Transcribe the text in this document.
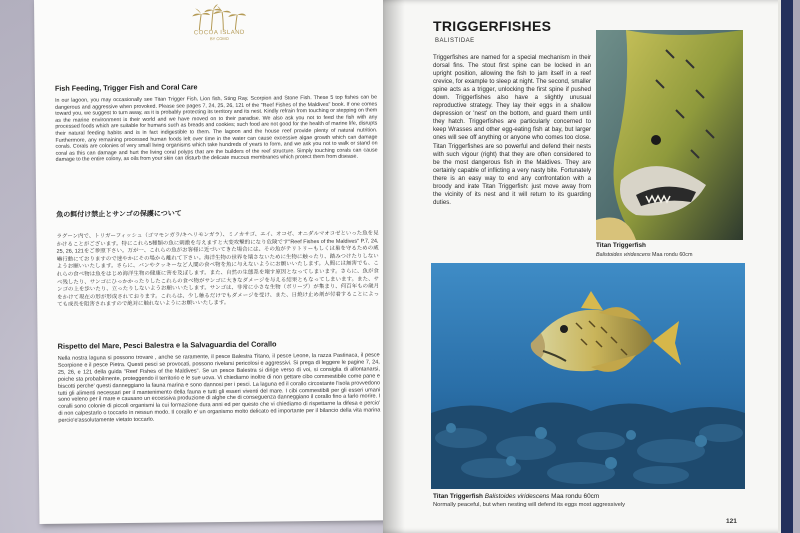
COCOA ISLAND
BY COMO
Fish Feeding, Trigger Fish and Coral Care
In our lagoon, you may occasionally see Titan Trigger Fish, Lion fish, Sting Ray, Scorpion and Stone Fish. These 5 top fishes can be dangerous and aggressive when provoked. Please see pages 7, 24, 25, 26, 121 of the "Reef Fishes of the Maldives" book. If one comes toward you, we suggest to turn away, as it is probably protecting its territory and its nest. Kindly refrain from touching or stepping on them as the marine environment is their world and we have moved on to their paradise. We also ask you not to feed the fish with any processed foods which are suitable for humans such as breads and cookies; such food are not good for the health of marine life, disrupts their natural feeding habits and is in fact indigestible to them. The lagoon and the house reef provide plenty of natural nutrition. Furthermore, any remaining processed human foods left over time in the water can cause excessive algae growth which can damage corals. Corals are colonies of very small living organisms which take hundreds of years to form, and we ask you not to walk or stand on coral as this can damage and hurt the living coral polyps that are the builders of the reef structure. Simply touching corals can cause damage to the entire colony, as oils from your skin can disturb the delicate mucous membranes which protect them from disease.
魚の餌付け禁止とサンゴの保護について
ラグーン内で、トリガーフィッシュ（ゴマモンガラ/キヘリモンガラ）、ミノカサゴ、エイ、オコゼ、オニダルマオコゼといった魚を見かけることがございます。特にこれら5種類の魚に刺激を与えますと大変攻撃的になり危険です"Reef Fishes of the Maldives" P.7, 24, 25, 26, 121をご参照下さい。万が一、これらの魚がお客様に近づいてきた場合には、その魚がテリトリーもしくは巣を守るための威嚇行動にておりますので速やかにその場から離れて下さい。海洋生物の世界を壊さないために生物に触ったり、踏みつけたりしないようお願いいたします。さらに、パンやクッキーなど人間の食べ物を魚に与えないようにお願いいたします。人間には無害でも、これらの食べ物は魚をはじめ海洋生物の健康に害を及ぼします。また、自然の生態系を壊す原因となってしまいます。さらに、魚が食べ残したり、サンゴにひっかかったりしたこれらの食べ物がサンゴに大きなダメージを与える結果ともなってしまいます。また、サンゴの上を歩いたり、立ったりしないようお願いいたします。サンゴは、非常に小さな生物（ポリープ）が集まり、何百年もの歳月をかけて現在の形が形成されております。これらは、少し触るだけでもダメージを受け、また、日焼け止め剤が付着することによっても成長を阻害されますので絶対に触れないようにお願いいたします。
Rispetto del Mare, Pesci Balestra e la Salvaguardia del Corallo
Nella nostra laguna si possono trovare , anche se raramente, il pesce Balestra Titano, il pesce Leone, la razza Pastinaca, il pesce Scorpione e il pesce Pietra. Questi pesci se provocati, possono rivelarsi pericolosi e aggressivi. Si prega di leggere le pagine 7, 24, 25, 26, e 121 della guida "Reef Fishes of the Maldives". Se un pesce Balestra si dirige verso di voi, si consiglia di allontanarsi, poiche sta probabilmente, proteggendo il territorio e le sue uova. Vi chiediamo inoltre di non gettare cibo commestibile come pane e biscotti perche' questi danneggiano la fauna marina e sono dannosi per i pesci. La laguna ed il corallo circostante l'isola provvedono tutti gli alimenti necessari per il mantenimento della fauna e tutti gli esseri viventi del mare. I cibi commestibili per gli esseri umani sono veleno per il mare e causano un eccessiva produzione di alghe che di conseguenza danneggiano il corallo fino a farlo morire. I coralli sono colonie di piccoli organismi la cui formazione dura anni ed per questo che vi chiediamo di rispettarne la difesa e percio' di non calpestarlo o toccarlo in nessun modo. Il corallo e' un organismo molto delicato ed importante per il bilancio della vita marina percio'e'assolutamente vietato toccarlo.
TRIGGERFISHES
BALISTIDAE
Triggerfishes are named for a special mechanism in their dorsal fins. The stout first spine can be locked in an upright position, allowing the fish to jam itself in a reef crevice, for example to sleep at night. The second, smaller spine acts as a trigger, unlocking the first spine if pushed down. Triggerfishes also have a slightly unusual reproductive strategy. They lay their eggs in a shallow depression or 'nest' on the bottom, and guard them until they hatch. Triggerfishes are particularly concerned to keep Wrasses and other egg-eating fish at bay, but larger ones will see off anything or anyone who comes too close. Titan Triggerfishes are so powerful and defend their nests with such vigour (right) that they are often considered to be the most dangerous fish in the Maldives. They are certainly capable of inflicting a very nasty bite. Fortunately there is an easy way to end any confrontation with a broody and irate Titan Triggerfish: just move away from the vicinity of its nest and it will return to its guarding duties.
Titan Triggerfish
Balistoides viridescens Maa rondu 60cm
Titan Triggerfish Balistoides viridescens Maa rondu 60cm
Normally peaceful, but when nesting will defend its eggs most aggressively
121
